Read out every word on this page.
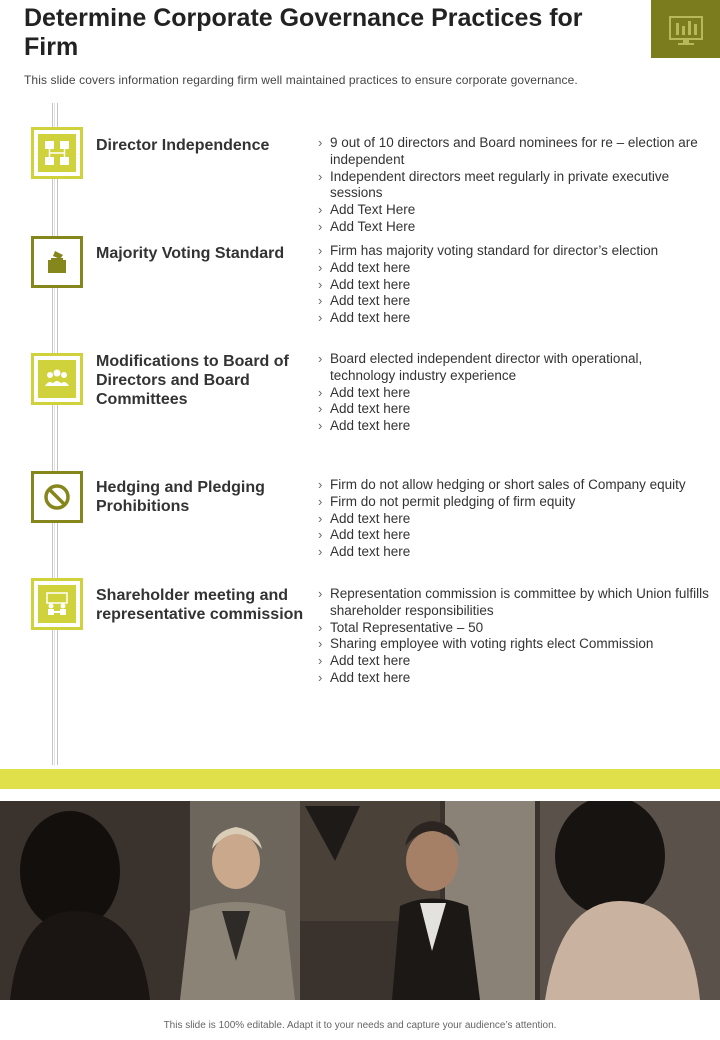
Determine Corporate Governance Practices for Firm
This slide covers information regarding firm well maintained practices to ensure corporate governance.
Director Independence	› 9 out of 10 directors and Board nominees for re – election are independent
› Independent directors meet regularly in private executive sessions
› Add Text Here
› Add Text Here
Majority Voting Standard	› Firm has majority voting standard for director’s election
› Add text here
› Add text here
› Add text here
› Add text here
Modifications to Board of Directors and Board Committees
› Board elected independent director with operational, technology industry experience
› Add text here
› Add text here
› Add text here
Hedging and Pledging Prohibitions
› Firm do not allow hedging or short sales of Company equity
› Firm do not permit pledging of firm equity
› Add text here
› Add text here
› Add text here
Shareholder meeting and representative commission
› Representation commission is committee by which Union fulfills shareholder responsibilities
› Total Representative – 50
› Sharing employee with voting rights elect Commission
› Add text here
› Add text here
This slide is 100% editable. Adapt it to your needs and capture your audience’s attention.
